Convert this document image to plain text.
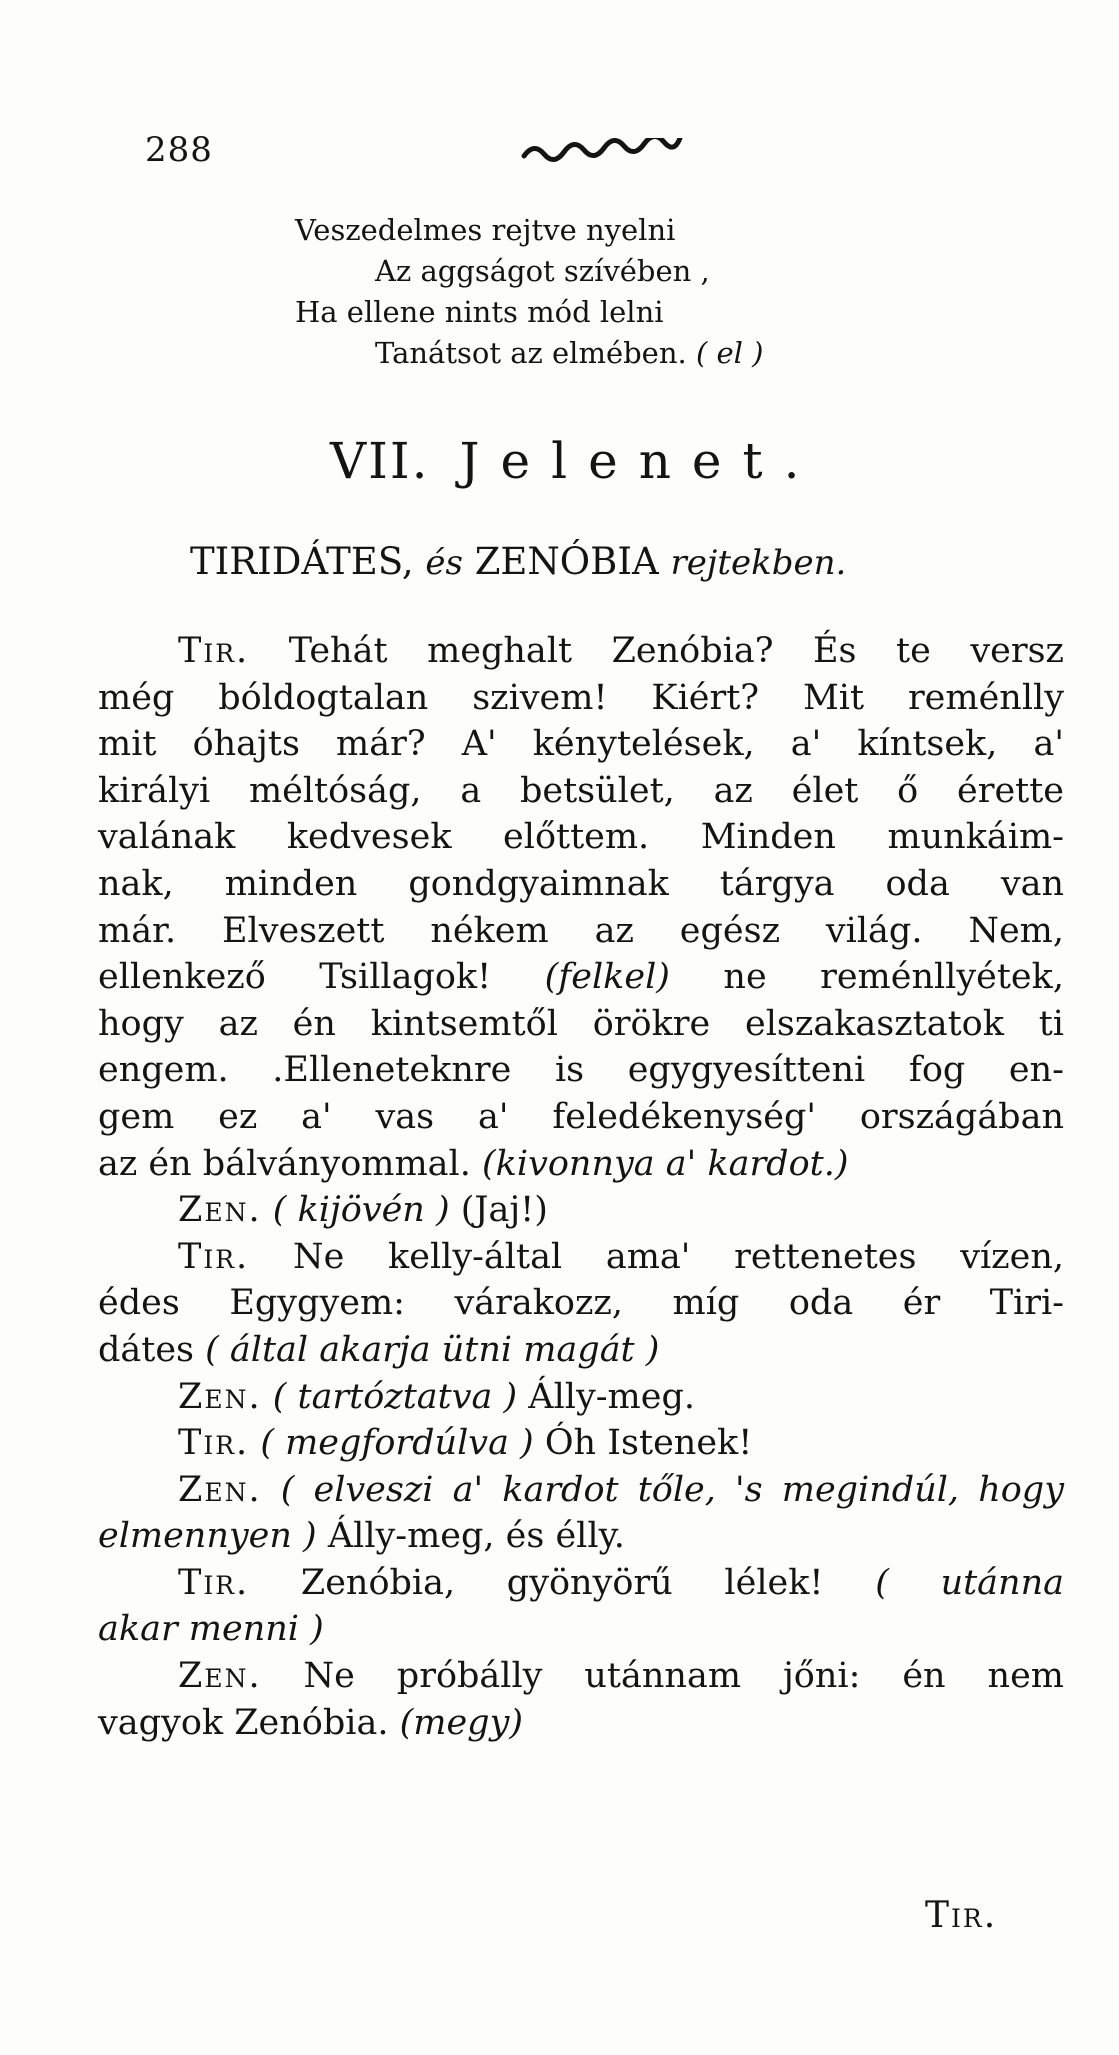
288
Veszedelmes rejtve nyelni
Az aggságot szívében ,
Ha ellene nints mód lelni
Tanátsot az elmében. ( el )
VII. Jelenet.
TIRIDÁTES, és ZENÓBIA rejtekben.
Tir. Tehát meghalt Zenóbia? És te versz
még bóldogtalan szivem! Kiért? Mit reménlly
mit óhajts már? A' kénytelések, a' kíntsek, a'
királyi méltóság, a betsület, az élet ő érette
valának kedvesek előttem. Minden munkáim-
nak, minden gondgyaimnak tárgya oda van
már. Elveszett nékem az egész világ. Nem,
ellenkező Tsillagok! (felkel) ne reménllyétek,
hogy az én kintsemtől örökre elszakasztatok ti
engem. .Elleneteknre is egygyesítteni fog en-
gem ez a' vas a' feledékenység' országában
az én bálványommal. (kivonnya a' kardot.)
Zen. ( kijövén ) (Jaj!)
Tir. Ne kelly-által ama' rettenetes vízen,
édes Egygyem: várakozz, míg oda ér Tiri-
dátes ( által akarja ütni magát )
Zen. ( tartóztatva ) Álly-meg.
Tir. ( megfordúlva ) Óh Istenek!
Zen. ( elveszi a' kardot tőle, 's megindúl, hogy
elmennyen ) Álly-meg, és élly.
Tir. Zenóbia, gyönyörű lélek! ( utánna
akar menni )
Zen. Ne próbálly utánnam jőni: én nem
vagyok Zenóbia. (megy)
Tir.
